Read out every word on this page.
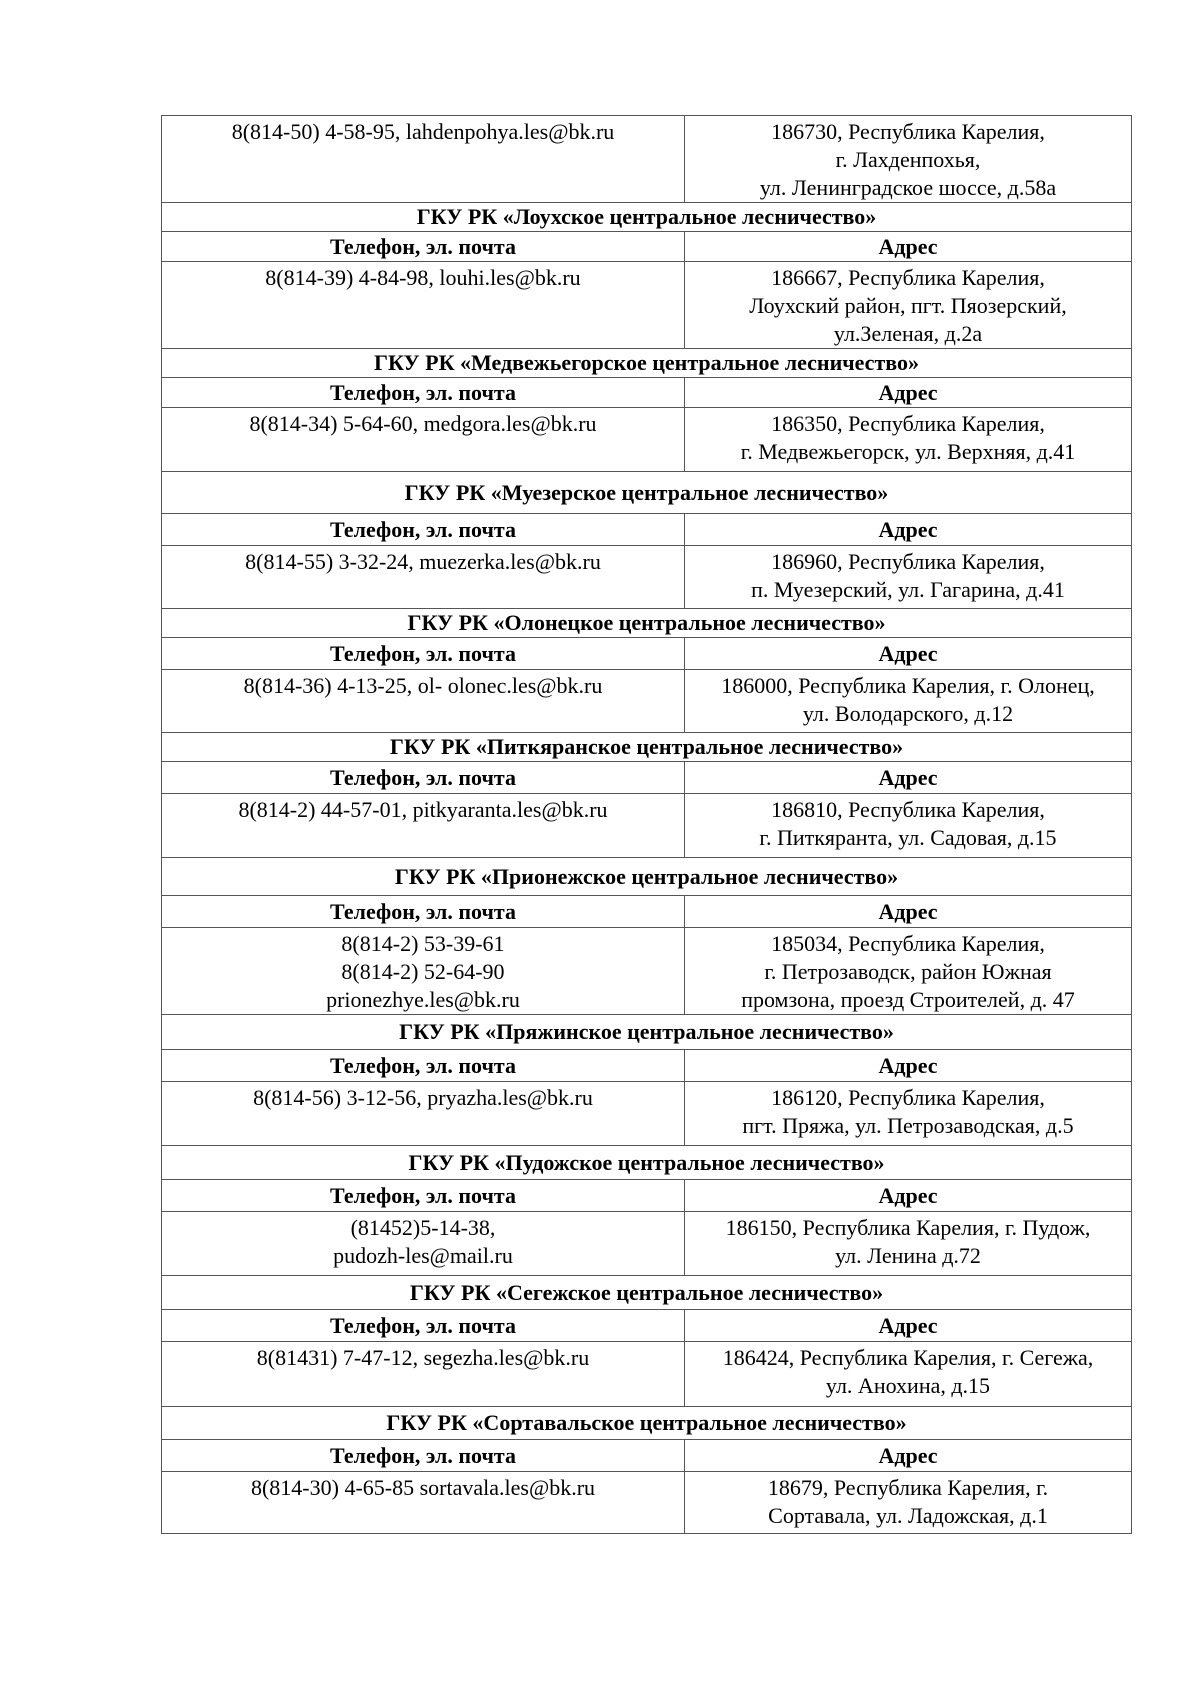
8(814-50) 4-58-95, lahdenpohya.les@bk.ru	186730, Республика Карелия,
г. Лахденпохья,
ул. Ленинградское шоссе, д.58а

ГКУ РК «Лоухское центральное лесничество»	
Телефон, эл. почта	Адрес

8(814-39) 4-84-98, louhi.les@bk.ru	186667, Республика Карелия,
Лоухский район, пгт. Пяозерский,
ул.Зеленая, д.2а

ГКУ РК «Медвежьегорское центральное лесничество»	
Телефон, эл. почта	Адрес

8(814-34) 5-64-60, medgora.les@bk.ru	186350, Республика Карелия,
г. Медвежьегорск, ул. Верхняя, д.41

ГКУ РК «Муезерское центральное лесничество»	
Телефон, эл. почта	Адрес

8(814-55) 3-32-24, muezerka.les@bk.ru	186960, Республика Карелия,
п. Муезерский, ул. Гагарина, д.41

ГКУ РК «Олонецкое центральное лесничество»	
Телефон, эл. почта	Адрес

8(814-36) 4-13-25, ol- olonec.les@bk.ru	186000, Республика Карелия, г. Олонец,
ул. Володарского, д.12

ГКУ РК «Питкяранское центральное лесничество»	
Телефон, эл. почта	Адрес

8(814-2) 44-57-01, pitkyaranta.les@bk.ru	186810, Республика Карелия,
г. Питкяранта, ул. Садовая, д.15

ГКУ РК «Прионежское центральное лесничество»	
Телефон, эл. почта	Адрес

8(814-2) 53-39-61
8(814-2) 52-64-90
prionezhye.les@bk.ru	185034, Республика Карелия,
г. Петрозаводск, район Южная
промзона, проезд Строителей, д. 47

ГКУ РК «Пряжинское центральное лесничество»	
Телефон, эл. почта	Адрес

8(814-56) 3-12-56, pryazha.les@bk.ru	186120, Республика Карелия,
пгт. Пряжа, ул. Петрозаводская, д.5

ГКУ РК «Пудожское центральное лесничество»	
Телефон, эл. почта	Адрес

(81452)5-14-38,
pudozh-les@mail.ru	186150, Республика Карелия, г. Пудож,
ул. Ленина д.72

ГКУ РК «Сегежское центральное лесничество»	
Телефон, эл. почта	Адрес

8(81431) 7-47-12, segezha.les@bk.ru	186424, Республика Карелия, г. Сегежа,
ул. Анохина, д.15

ГКУ РК «Сортавальское центральное лесничество»	
Телефон, эл. почта	Адрес

8(814-30) 4-65-85 sortavala.les@bk.ru	18679, Республика Карелия, г.
Сортавала, ул. Ладожская, д.1
